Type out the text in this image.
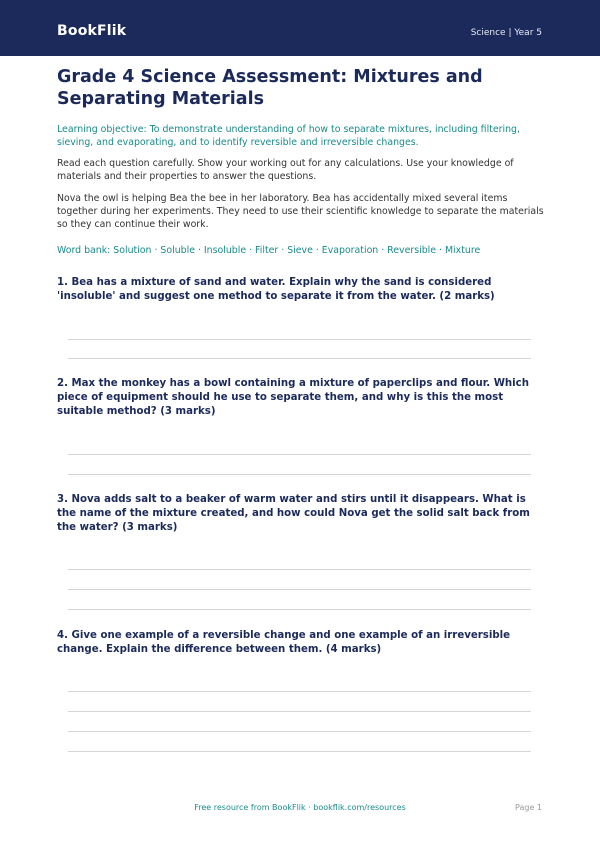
BookFlik	Science | Year 5
Grade 4 Science Assessment: Mixtures and Separating Materials

Learning objective: To demonstrate understanding of how to separate mixtures, including filtering, sieving, and evaporating, and to identify reversible and irreversible changes.

Read each question carefully. Show your working out for any calculations. Use your knowledge of materials and their properties to answer the questions.

Nova the owl is helping Bea the bee in her laboratory. Bea has accidentally mixed several items together during her experiments. They need to use their scientific knowledge to separate the materials so they can continue their work.

Word bank: Solution · Soluble · Insoluble · Filter · Sieve · Evaporation · Reversible · Mixture

1. Bea has a mixture of sand and water. Explain why the sand is considered 'insoluble' and suggest one method to separate it from the water. (2 marks)

2. Max the monkey has a bowl containing a mixture of paperclips and flour. Which piece of equipment should he use to separate them, and why is this the most suitable method? (3 marks)

3. Nova adds salt to a beaker of warm water and stirs until it disappears. What is the name of the mixture created, and how could Nova get the solid salt back from the water? (3 marks)

4. Give one example of a reversible change and one example of an irreversible change. Explain the difference between them. (4 marks)

Free resource from BookFlik · bookflik.com/resources	Page 1
